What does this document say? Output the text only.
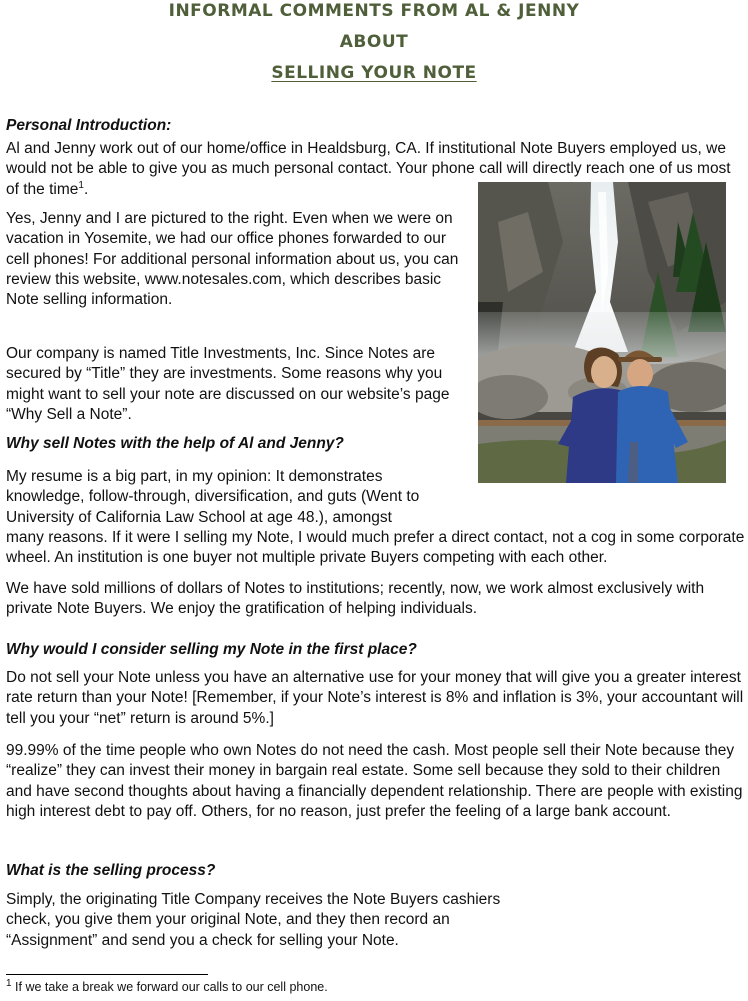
INFORMAL COMMENTS FROM AL & JENNY
ABOUT
SELLING YOUR NOTE
Personal Introduction:

Al and Jenny work out of our home/office in Healdsburg, CA. If institutional Note Buyers employed us, we would not be able to give you as much personal contact. Your phone call will directly reach one of us most of the time$^1$.

Yes, Jenny and I are pictured to the right. Even when we were on vacation in Yosemite, we had our office phones forwarded to our cell phones! For additional personal information about us, you can review this website, www.notesales.com, which describes basic Note selling information.

Our company is named Title Investments, Inc. Since Notes are secured by “Title” they are investments. Some reasons why you might want to sell your note are discussed on our website’s page “Why Sell a Note”.

Why sell Notes with the help of Al and Jenny?

My resume is a big part, in my opinion: It demonstrates knowledge, follow-through, diversification, and guts (Went to University of California Law School at age 48.), amongst

many reasons. If it were I selling my Note, I would much prefer a direct contact, not a cog in some corporate wheel. An institution is one buyer not multiple private Buyers competing with each other.

We have sold millions of dollars of Notes to institutions; recently, now, we work almost exclusively with private Note Buyers. We enjoy the gratification of helping individuals.

Why would I consider selling my Note in the first place?

Do not sell your Note unless you have an alternative use for your money that will give you a greater interest rate return than your Note! [Remember, if your Note’s interest is 8% and inflation is 3%, your accountant will tell you your “net” return is around 5%.]

99.99% of the time people who own Notes do not need the cash. Most people sell their Note because they “realize” they can invest their money in bargain real estate. Some sell because they sold to their children and have second thoughts about having a financially dependent relationship. There are people with existing high interest debt to pay off. Others, for no reason, just prefer the feeling of a large bank account.

What is the selling process?

Simply, the originating Title Company receives the Note Buyers cashiers check, you give them your original Note, and they then record an “Assignment” and send you a check for selling your Note.

$^1$ If we take a break we forward our calls to our cell phone.
